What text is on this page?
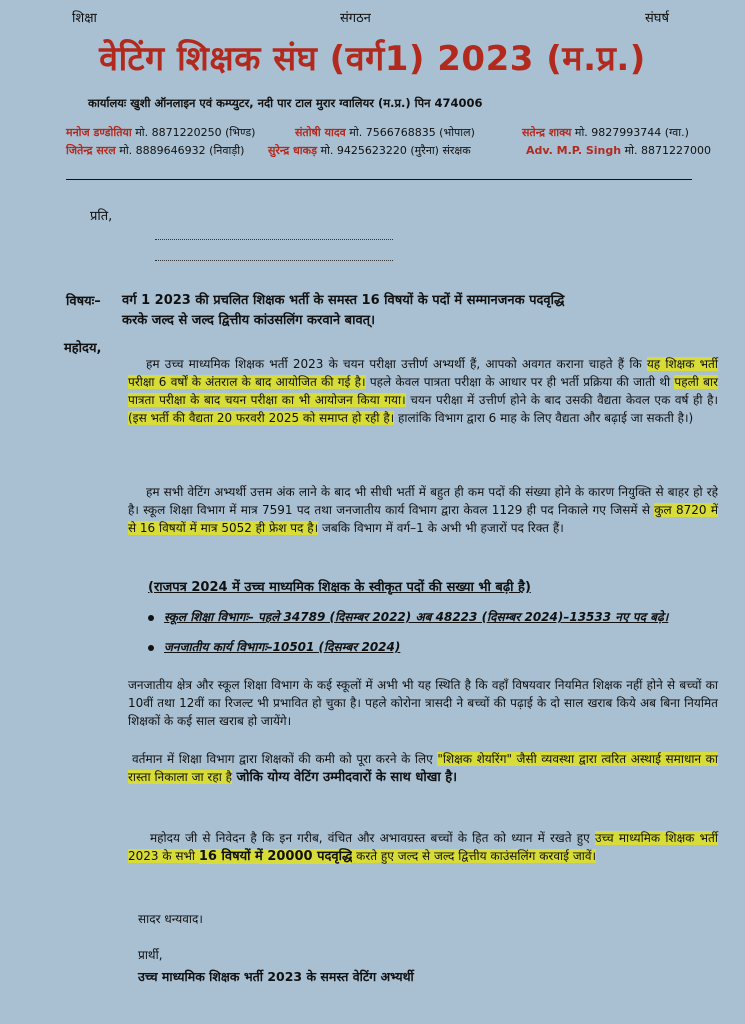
शिक्षा	संगठन	संघर्ष
वेटिंग शिक्षक संघ (वर्ग1) 2023 (म.प्र.)
कार्यालयः खुशी ऑनलाइन एवं कम्प्युटर, नदी पार टाल मुरार ग्वालियर (म.प्र.) पिन 474006
मनोज डण्डोतिया मो. 8871220250 (भिण्ड)	संतोषी यादव मो. 7566768835 (भोपाल)	सतेन्द्र शाक्य मो. 9827993744 (ग्वा.)
जितेन्द्र सरल मो. 8889646932 (निवाड़ी) सुरेन्द्र धाकड़ मो. 9425623220 (मुरैना) संरक्षक	Adv. M.P. Singh मो. 8871227000
प्रति,
विषयः– वर्ग 1 2023 की प्रचलित शिक्षक भर्ती के समस्त 16 विषयों के पदों में सम्मानजनक पदवृद्धि
करके जल्द से जल्द द्वित्तीय कांउसलिंग करवाने बावत्।
महोदय,
हम उच्च माध्यमिक शिक्षक भर्ती 2023 के चयन परीक्षा उत्तीर्ण अभ्यर्थी हैं, आपको अवगत कराना चाहते हैं कि यह शिक्षक भर्ती परीक्षा 6 वर्षों के अंतराल के बाद आयोजित की गई है। पहले केवल पात्रता परीक्षा के आधार पर ही भर्ती प्रक्रिया की जाती थी पहली बार पात्रता परीक्षा के बाद चयन परीक्षा का भी आयोजन किया गया। चयन परीक्षा में उत्तीर्ण होने के बाद उसकी वैद्यता केवल एक वर्ष ही है। (इस भर्ती की वैद्यता 20 फरवरी 2025 को समाप्त हो रही है। हालांकि विभाग द्वारा 6 माह के लिए वैद्यता और बढ़ाई जा सकती है।)
हम सभी वेटिंग अभ्यर्थी उत्तम अंक लाने के बाद भी सीधी भर्ती में बहुत ही कम पदों की संख्या होने के कारण नियुक्ति से बाहर हो रहे है। स्कूल शिक्षा विभाग में मात्र 7591 पद तथा जनजातीय कार्य विभाग द्वारा केवल 1129 ही पद निकाले गए जिसमें से कुल 8720 में से 16 विषयों में मात्र 5052 ही फ्रेश पद है। जबकि विभाग में वर्ग–1 के अभी भी हजारों पद रिक्त हैं।
(राजपत्र 2024 में उच्च माध्यमिक शिक्षक के स्वीकृत पदों की सख्या भी बढ़ी है)
स्कूल शिक्षा विभागः– पहले 34789 (दिसम्बर 2022) अब 48223 (दिसम्बर 2024)–13533 नए पद बढ़े।
जनजातीय कार्य विभागः–10501 (दिसम्बर 2024)
जनजातीय क्षेत्र और स्कूल शिक्षा विभाग के कई स्कूलों में अभी भी यह स्थिति है कि वहाँ विषयवार नियमित शिक्षक नहीं होने से बच्चों का 10वीं तथा 12वीं का रिजल्ट भी प्रभावित हो चुका है। पहले कोरोना त्रासदी ने बच्चों की पढ़ाई के दो साल खराब किये अब बिना नियमित शिक्षकों के कई साल खराब हो जायेंगे।
वर्तमान में शिक्षा विभाग द्वारा शिक्षकों की कमी को पूरा करने के लिए "शिक्षक शेयरिंग" जैसी व्यवस्था द्वारा त्वरित अस्थाई समाधान का रास्ता निकाला जा रहा है जोकि योग्य वेटिंग उम्मीदवारों के साथ धोखा है।
महोदय जी से निवेदन है कि इन गरीब, वंचित और अभावग्रस्त बच्चों के हित को ध्यान में रखते हुए उच्च माध्यमिक शिक्षक भर्ती 2023 के सभी 16 विषयों में 20000 पदवृद्धि करते हुए जल्द से जल्द द्वित्तीय काउंसलिंग करवाई जावें।
सादर धन्यवाद।
प्रार्थी,
उच्च माध्यमिक शिक्षक भर्ती 2023 के समस्त वेटिंग अभ्यर्थी
